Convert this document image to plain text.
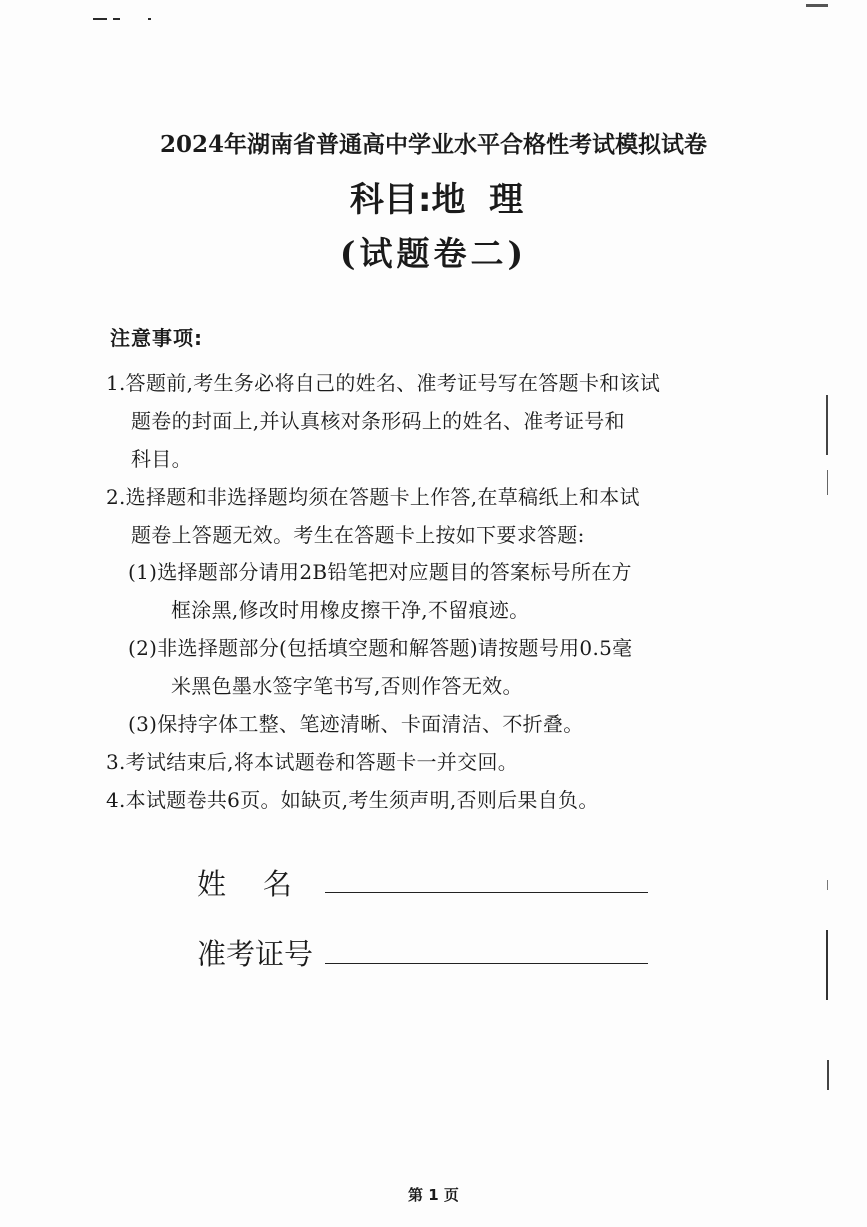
2024年湖南省普通高中学业水平合格性考试模拟试卷
科目:地  理
(试题卷二)
注意事项:
1.答题前,考生务必将自己的姓名、准考证号写在答题卡和该试
题卷的封面上,并认真核对条形码上的姓名、准考证号和
科目。
2.选择题和非选择题均须在答题卡上作答,在草稿纸上和本试
题卷上答题无效。考生在答题卡上按如下要求答题:
(1)选择题部分请用2B铅笔把对应题目的答案标号所在方
框涂黑,修改时用橡皮擦干净,不留痕迹。
(2)非选择题部分(包括填空题和解答题)请按题号用0.5毫
米黑色墨水签字笔书写,否则作答无效。
(3)保持字体工整、笔迹清晰、卡面清洁、不折叠。
3.考试结束后,将本试题卷和答题卡一并交回。
4.本试题卷共6页。如缺页,考生须声明,否则后果自负。
姓    名
准考证号
第 1 页
